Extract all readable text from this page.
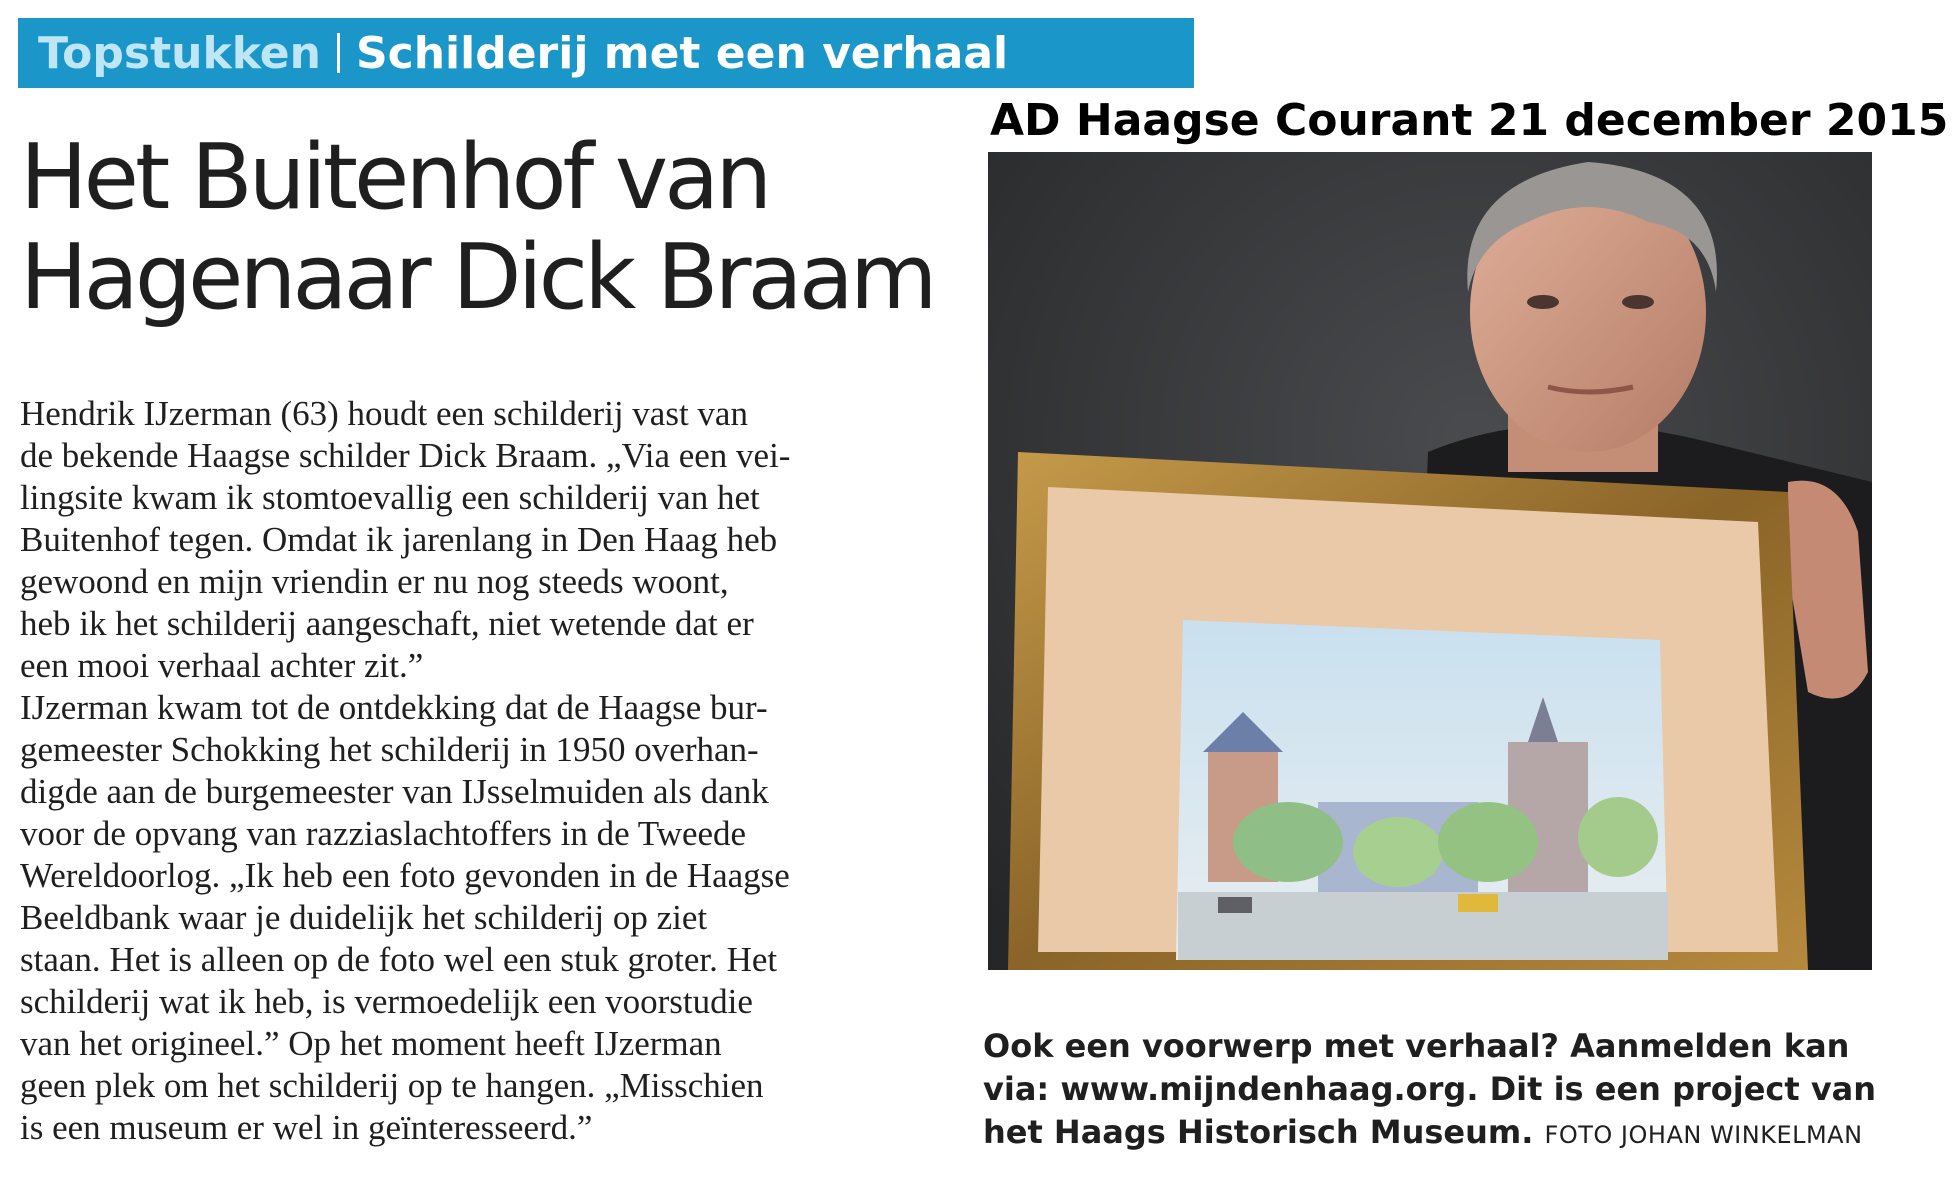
Topstukken Schilderij met een verhaal
AD Haagse Courant 21 december 2015
Het Buitenhof van
Hagenaar Dick Braam
Hendrik IJzerman (63) houdt een schilderij vast van
de bekende Haagse schilder Dick Braam. „Via een vei-
lingsite kwam ik stomtoevallig een schilderij van het
Buitenhof tegen. Omdat ik jarenlang in Den Haag heb
gewoond en mijn vriendin er nu nog steeds woont,
heb ik het schilderij aangeschaft, niet wetende dat er
een mooi verhaal achter zit.”
IJzerman kwam tot de ontdekking dat de Haagse bur-
gemeester Schokking het schilderij in 1950 overhan-
digde aan de burgemeester van IJsselmuiden als dank
voor de opvang van razziaslachtoffers in de Tweede
Wereldoorlog. „Ik heb een foto gevonden in de Haagse
Beeldbank waar je duidelijk het schilderij op ziet
staan. Het is alleen op de foto wel een stuk groter. Het
schilderij wat ik heb, is vermoedelijk een voorstudie
van het origineel.” Op het moment heeft IJzerman
geen plek om het schilderij op te hangen. „Misschien
is een museum er wel in geïnteresseerd.”
Ook een voorwerp met verhaal? Aanmelden kan
via: www.mijndenhaag.org. Dit is een project van
het Haags Historisch Museum. FOTO JOHAN WINKELMAN
